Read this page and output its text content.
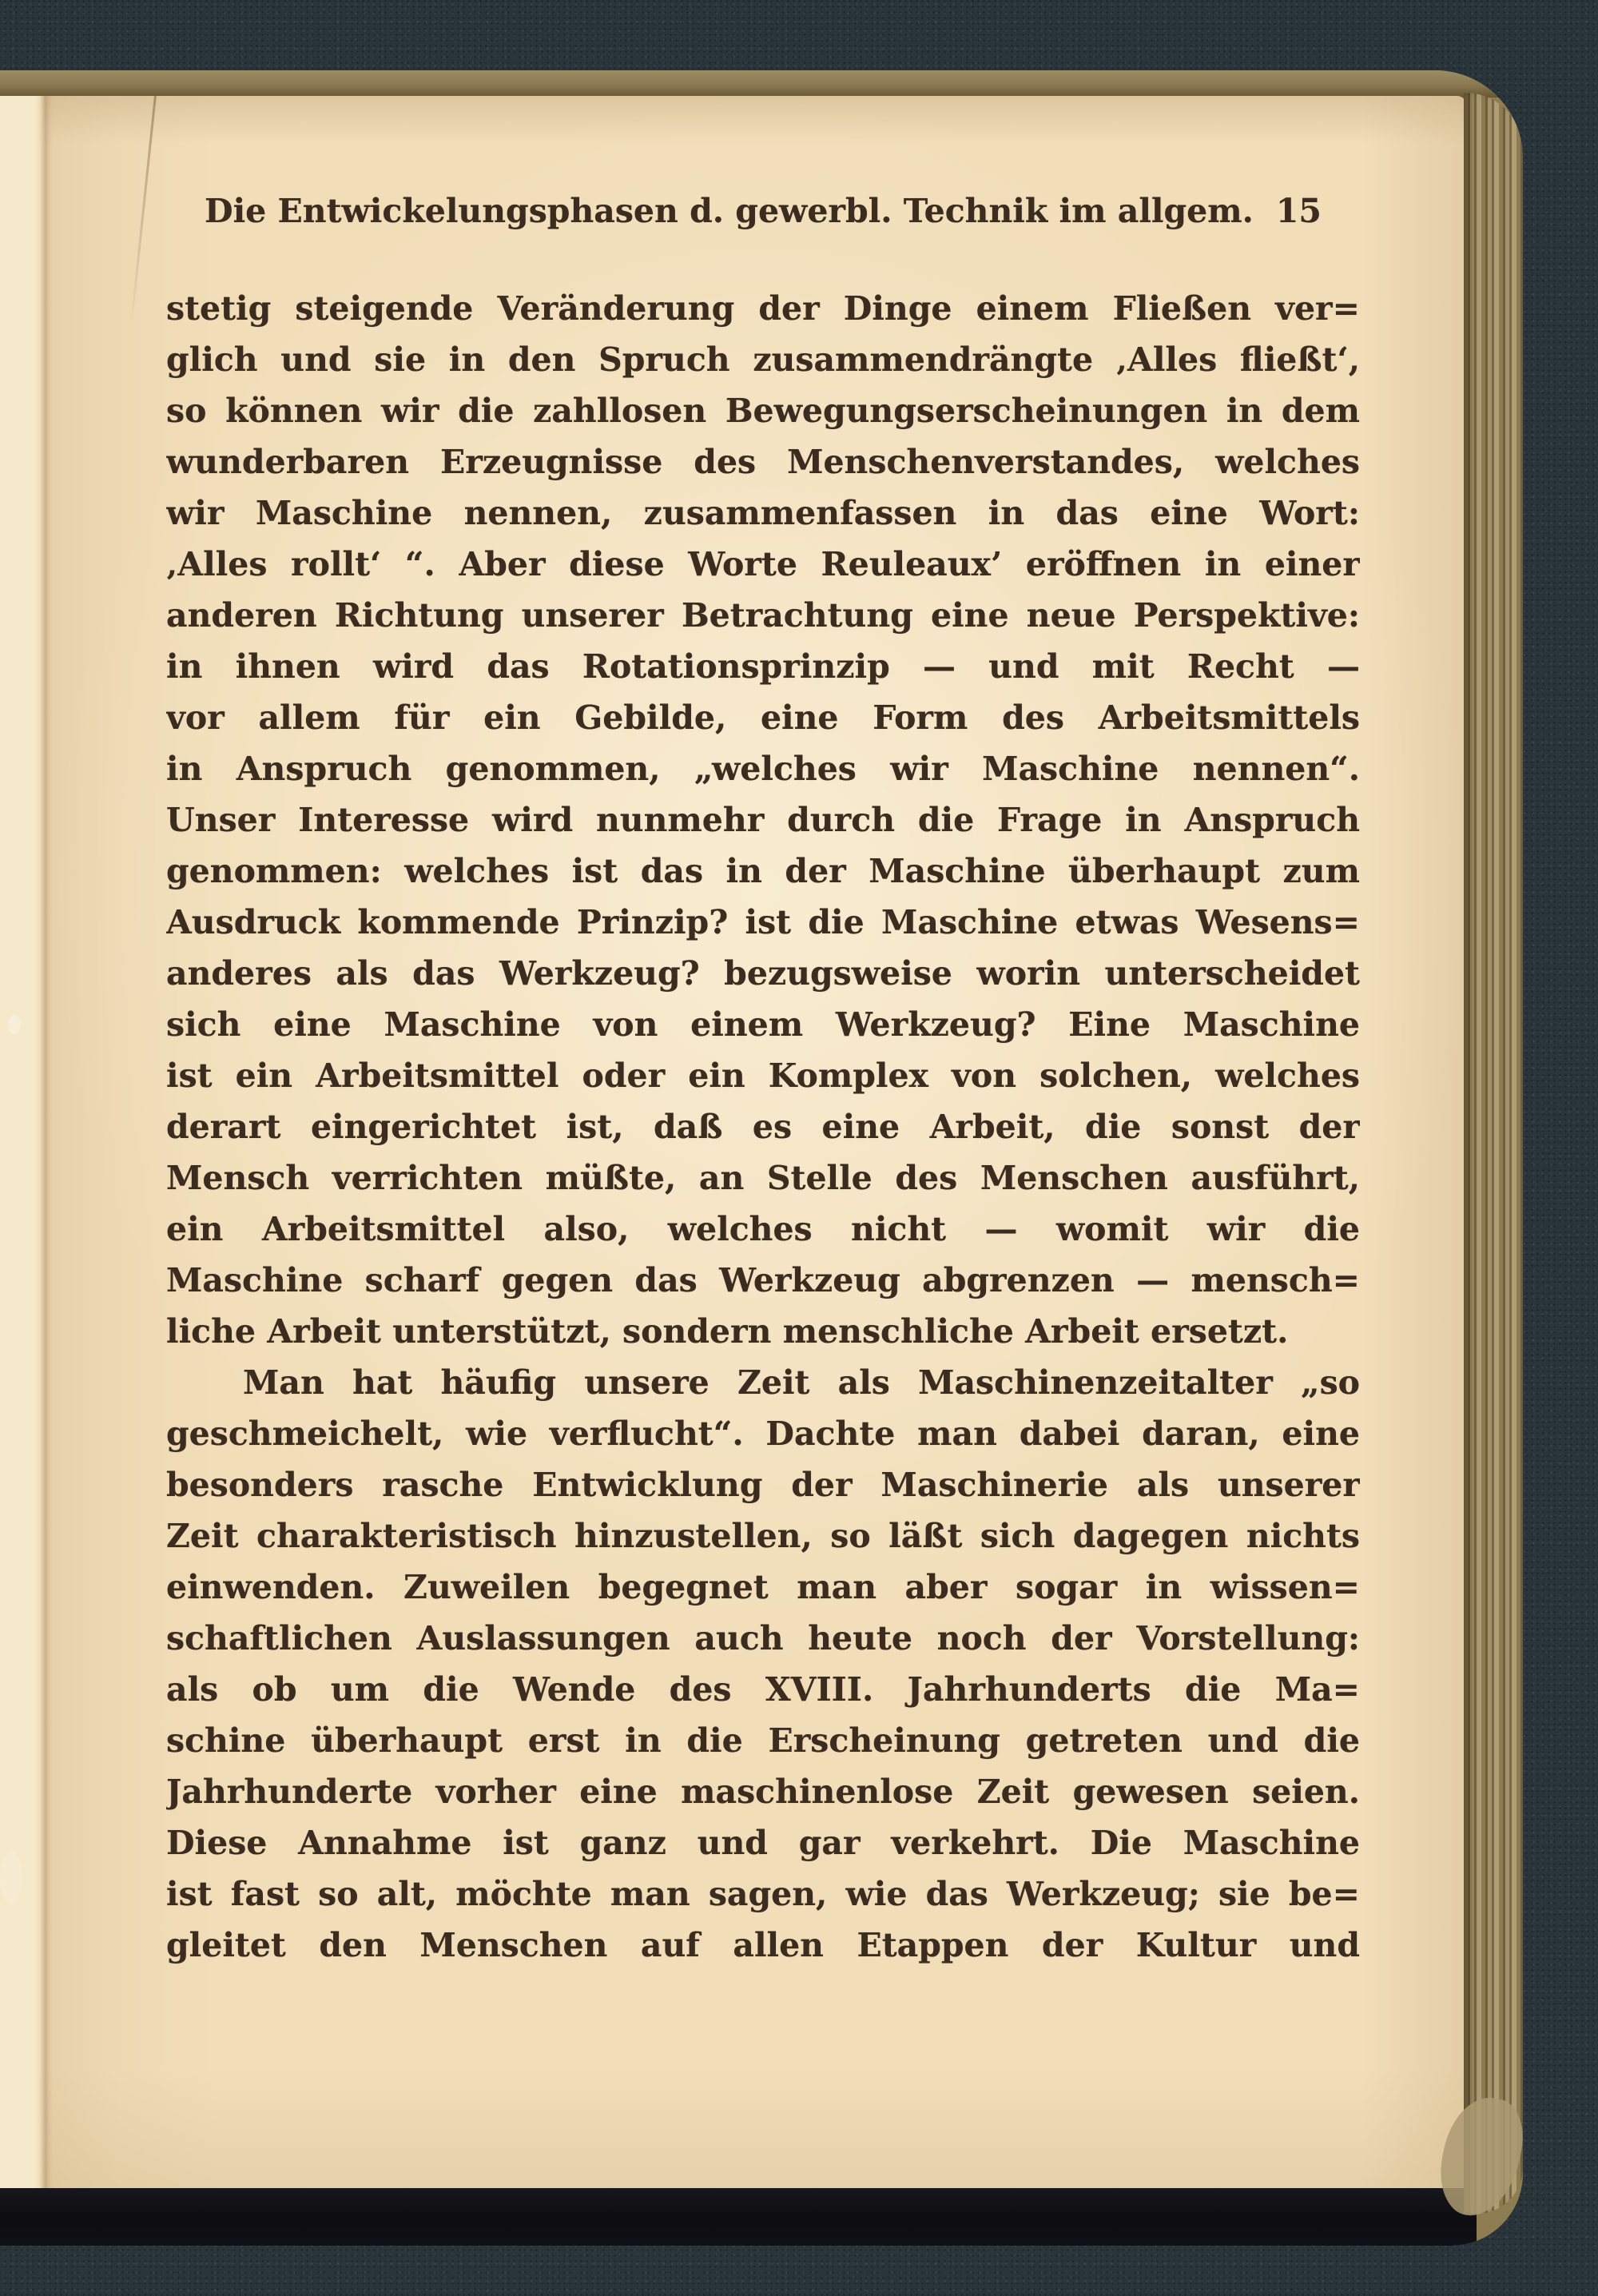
Die Entwickelungsphasen d. gewerbl. Technik im allgem. 15
stetig steigende Veränderung der Dinge einem Fließen ver=
glich und sie in den Spruch zusammendrängte ‚Alles fließt‘,
so können wir die zahllosen Bewegungserscheinungen in dem
wunderbaren Erzeugnisse des Menschenverstandes, welches
wir Maschine nennen, zusammenfassen in das eine Wort:
‚Alles rollt‘ “. Aber diese Worte Reuleaux’ eröffnen in einer
anderen Richtung unserer Betrachtung eine neue Perspektive:
in ihnen wird das Rotationsprinzip — und mit Recht —
vor allem für ein Gebilde, eine Form des Arbeitsmittels
in Anspruch genommen, „welches wir Maschine nennen“.
Unser Interesse wird nunmehr durch die Frage in Anspruch
genommen: welches ist das in der Maschine überhaupt zum
Ausdruck kommende Prinzip? ist die Maschine etwas Wesens=
anderes als das Werkzeug? bezugsweise worin unterscheidet
sich eine Maschine von einem Werkzeug? Eine Maschine
ist ein Arbeitsmittel oder ein Komplex von solchen, welches
derart eingerichtet ist, daß es eine Arbeit, die sonst der
Mensch verrichten müßte, an Stelle des Menschen ausführt,
ein Arbeitsmittel also, welches nicht — womit wir die
Maschine scharf gegen das Werkzeug abgrenzen — mensch=
liche Arbeit unterstützt, sondern menschliche Arbeit ersetzt.
Man hat häufig unsere Zeit als Maschinenzeitalter „so
geschmeichelt, wie verflucht“. Dachte man dabei daran, eine
besonders rasche Entwicklung der Maschinerie als unserer
Zeit charakteristisch hinzustellen, so läßt sich dagegen nichts
einwenden. Zuweilen begegnet man aber sogar in wissen=
schaftlichen Auslassungen auch heute noch der Vorstellung:
als ob um die Wende des XVIII. Jahrhunderts die Ma=
schine überhaupt erst in die Erscheinung getreten und die
Jahrhunderte vorher eine maschinenlose Zeit gewesen seien.
Diese Annahme ist ganz und gar verkehrt. Die Maschine
ist fast so alt, möchte man sagen, wie das Werkzeug; sie be=
gleitet den Menschen auf allen Etappen der Kultur und
